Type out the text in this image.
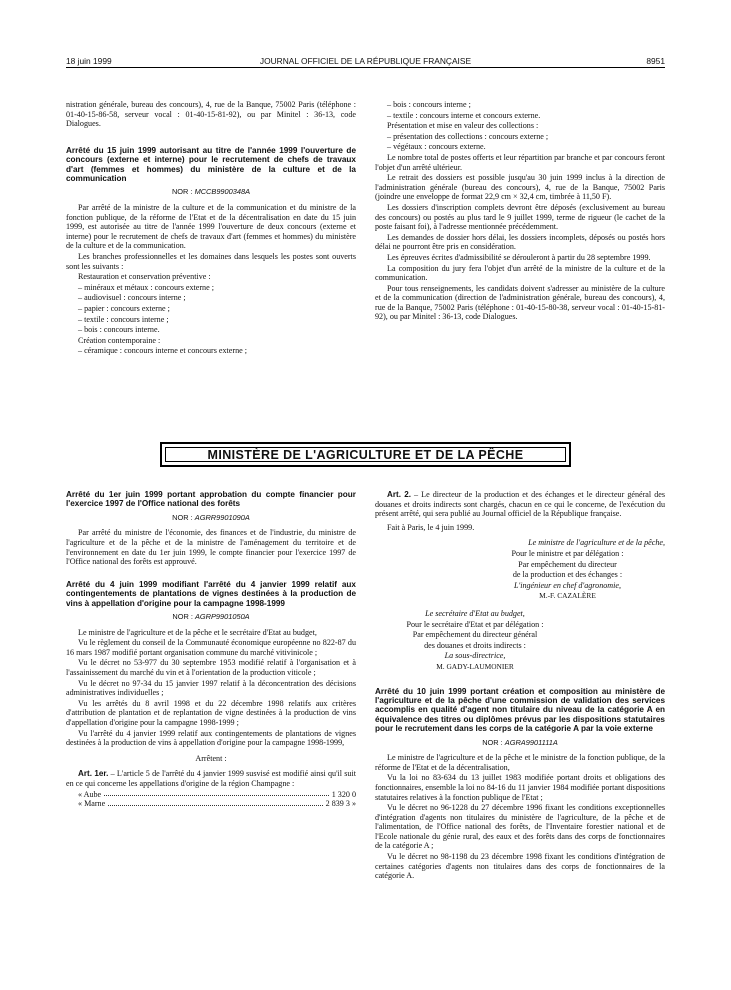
18 juin 1999	JOURNAL OFFICIEL DE LA RÉPUBLIQUE FRANÇAISE	8951

nistration générale, bureau des concours), 4, rue de la Banque, 75002 Paris (téléphone : 01-40-15-86-58, serveur vocal : 01-40-15-81-92), ou par Minitel : 36-13, code Dialogues.

Arrêté du 15 juin 1999 autorisant au titre de l'année 1999 l'ouverture de concours (externe et interne) pour le recrutement de chefs de travaux d'art (femmes et hommes) du ministère de la culture et de la communication
NOR : MCCB9900348A

Par arrêté de la ministre de la culture et de la communication et du ministre de la fonction publique, de la réforme de l'Etat et de la décentralisation en date du 15 juin 1999, est autorisée au titre de l'année 1999 l'ouverture de deux concours (externe et interne) pour le recrutement de chefs de travaux d'art (femmes et hommes) du ministère de la culture et de la communication.

Les branches professionnelles et les domaines dans lesquels les postes sont ouverts sont les suivants :

Restauration et conservation préventive :

– minéraux et métaux : concours externe ;

– audiovisuel : concours interne ;

– papier : concours externe ;

– textile : concours interne ;

– bois : concours interne.

Création contemporaine :

– céramique : concours interne et concours externe ;

– bois : concours interne ;

– textile : concours interne et concours externe.

Présentation et mise en valeur des collections :

– présentation des collections : concours externe ;

– végétaux : concours externe.

Le nombre total de postes offerts et leur répartition par branche et par concours feront l'objet d'un arrêté ultérieur.

Le retrait des dossiers est possible jusqu'au 30 juin 1999 inclus à la direction de l'administration générale (bureau des concours), 4, rue de la Banque, 75002 Paris (joindre une enveloppe de format 22,9 cm × 32,4 cm, timbrée à 11,50 F).

Les dossiers d'inscription complets devront être déposés (exclusivement au bureau des concours) ou postés au plus tard le 9 juillet 1999, terme de rigueur (le cachet de la poste faisant foi), à l'adresse mentionnée précédemment.

Les demandes de dossier hors délai, les dossiers incomplets, déposés ou postés hors délai ne pourront être pris en considération.

Les épreuves écrites d'admissibilité se dérouleront à partir du 28 septembre 1999.

La composition du jury fera l'objet d'un arrêté de la ministre de la culture et de la communication.

Pour tous renseignements, les candidats doivent s'adresser au ministère de la culture et de la communication (direction de l'administration générale, bureau des concours), 4, rue de la Banque, 75002 Paris (téléphone : 01-40-15-80-38, serveur vocal : 01-40-15-81-92), ou par Minitel : 36-13, code Dialogues.

MINISTÈRE DE L'AGRICULTURE ET DE LA PÊCHE
Arrêté du 1er juin 1999 portant approbation du compte financier pour l'exercice 1997 de l'Office national des forêts
NOR : AGRR9901090A

Par arrêté du ministre de l'économie, des finances et de l'industrie, du ministre de l'agriculture et de la pêche et de la ministre de l'aménagement du territoire et de l'environnement en date du 1er juin 1999, le compte financier pour l'exercice 1997 de l'Office national des forêts est approuvé.

Arrêté du 4 juin 1999 modifiant l'arrêté du 4 janvier 1999 relatif aux contingentements de plantations de vignes destinées à la production de vins à appellation d'origine pour la campagne 1998-1999
NOR : AGRP9901050A

Le ministre de l'agriculture et de la pêche et le secrétaire d'Etat au budget,

Vu le règlement du conseil de la Communauté économique européenne no 822-87 du 16 mars 1987 modifié portant organisation commune du marché vitivinicole ;

Vu le décret no 53-977 du 30 septembre 1953 modifié relatif à l'organisation et à l'assainissement du marché du vin et à l'orientation de la production viticole ;

Vu le décret no 97-34 du 15 janvier 1997 relatif à la déconcentration des décisions administratives individuelles ;

Vu les arrêtés du 8 avril 1998 et du 22 décembre 1998 relatifs aux critères d'attribution de plantation et de replantation de vigne destinées à la production de vins d'appellation d'origine pour la campagne 1998-1999 ;

Vu l'arrêté du 4 janvier 1999 relatif aux contingentements de plantations de vignes destinées à la production de vins à appellation d'origine pour la campagne 1998-1999,

Arrêtent :

Art. 1er. – L'article 5 de l'arrêté du 4 janvier 1999 susvisé est modifié ainsi qu'il suit en ce qui concerne les appellations d'origine de la région Champagne :

« Aube	1 320 0
« Marne	2 839 3 »

Art. 2. – Le directeur de la production et des échanges et le directeur général des douanes et droits indirects sont chargés, chacun en ce qui le concerne, de l'exécution du présent arrêté, qui sera publié au Journal officiel de la République française.

Fait à Paris, le 4 juin 1999.

Le ministre de l'agriculture et de la pêche,

Pour le ministre et par délégation :

Par empêchement du directeur

de la production et des échanges :

L'ingénieur en chef d'agronomie,

M.-F. CAZALÈRE

Le secrétaire d'Etat au budget,

Pour le secrétaire d'Etat et par délégation :

Par empêchement du directeur général

des douanes et droits indirects :

La sous-directrice,

M. GADY-LAUMONIER

Arrêté du 10 juin 1999 portant création et composition au ministère de l'agriculture et de la pêche d'une commission de validation des services accomplis en qualité d'agent non titulaire du niveau de la catégorie A en équivalence des titres ou diplômes prévus par les dispositions statutaires pour le recrutement dans les corps de la catégorie A par la voie externe
NOR : AGRA9901111A

Le ministre de l'agriculture et de la pêche et le ministre de la fonction publique, de la réforme de l'Etat et de la décentralisation,

Vu la loi no 83-634 du 13 juillet 1983 modifiée portant droits et obligations des fonctionnaires, ensemble la loi no 84-16 du 11 janvier 1984 modifiée portant dispositions statutaires relatives à la fonction publique de l'Etat ;

Vu le décret no 96-1228 du 27 décembre 1996 fixant les conditions exceptionnelles d'intégration d'agents non titulaires du ministère de l'agriculture, de la pêche et de l'alimentation, de l'Office national des forêts, de l'Inventaire forestier national et de l'Ecole nationale du génie rural, des eaux et des forêts dans des corps de fonctionnaires de la catégorie A ;

Vu le décret no 98-1198 du 23 décembre 1998 fixant les conditions d'intégration de certaines catégories d'agents non titulaires dans des corps de fonctionnaires de la catégorie A.
